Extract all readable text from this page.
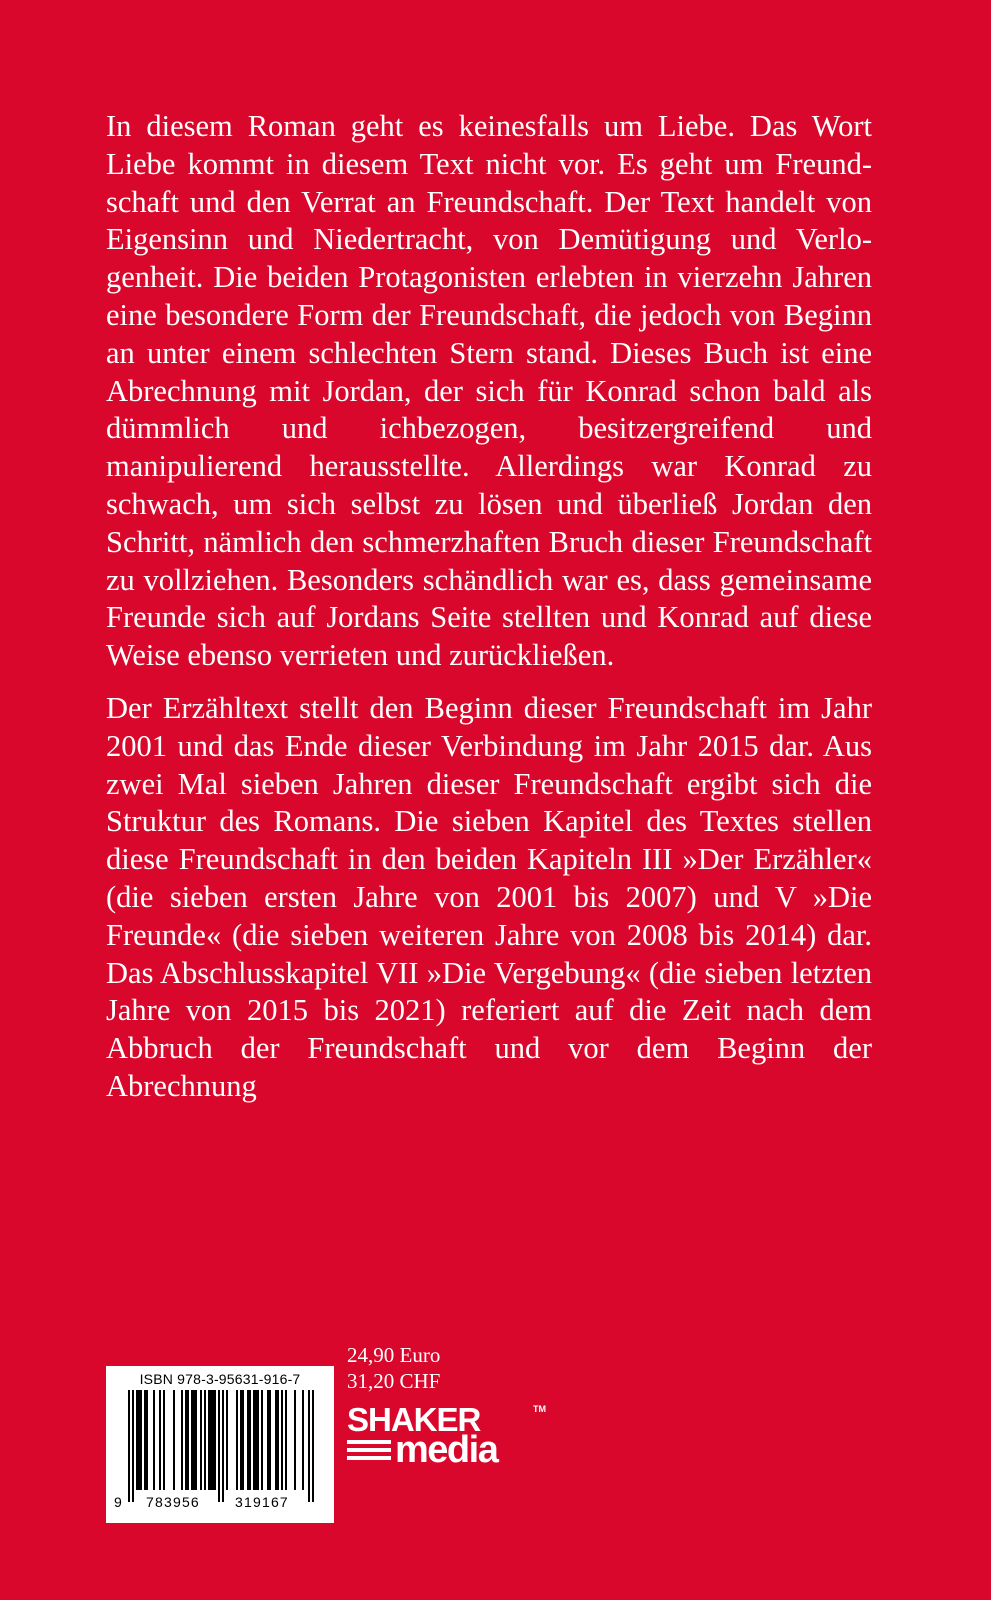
In diesem Roman geht es keinesfalls um Liebe. Das Wort Liebe kommt in diesem Text nicht vor. Es geht um Freundschaft und den Verrat an Freundschaft. Der Text handelt von Eigensinn und Niedertracht, von Demütigung und Verlogenheit. Die beiden Protagonisten erlebten in vierzehn Jahren eine besondere Form der Freundschaft, die jedoch von Beginn an unter einem schlechten Stern stand. Dieses Buch ist eine Abrechnung mit Jordan, der sich für Konrad schon bald als dümmlich und ichbezogen, besitzergreifend und manipulierend herausstellte. Allerdings war Konrad zu schwach, um sich selbst zu lösen und überließ Jordan den Schritt, nämlich den schmerzhaften Bruch dieser Freundschaft zu vollziehen. Besonders schändlich war es, dass gemeinsame Freunde sich auf Jordans Seite stellten und Konrad auf diese Weise ebenso verrieten und zurückließen.

Der Erzähltext stellt den Beginn dieser Freundschaft im Jahr 2001 und das Ende dieser Verbindung im Jahr 2015 dar. Aus zwei Mal sieben Jahren dieser Freundschaft ergibt sich die Struktur des Romans. Die sieben Kapitel des Textes stellen diese Freundschaft in den beiden Kapiteln III »Der Erzähler« (die sieben ersten Jahre von 2001 bis 2007) und V »Die Freunde« (die sieben weiteren Jahre von 2008 bis 2014) dar. Das Abschlusskapitel VII »Die Vergebung« (die sieben letzten Jahre von 2015 bis 2021) referiert auf die Zeit nach dem Abbruch der Freundschaft und vor dem Beginn der Abrechnung

ISBN 978-3-95631-916-7
9 783956	319167
24,90 Euro
31,20 CHF
SHAKER	TM
media
